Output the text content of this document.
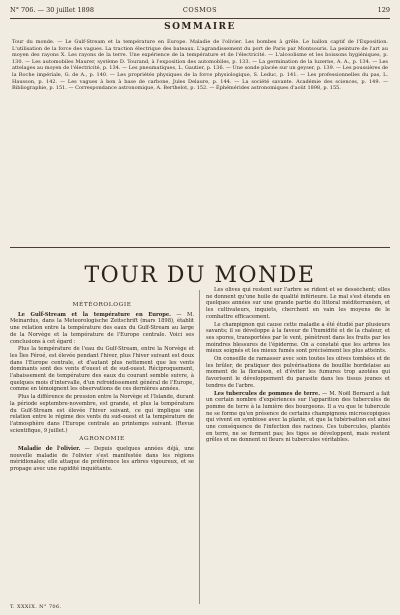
N° 706. — 30 juillet 1898	COSMOS	129
SOMMAIRE
Tour du monde. — Le Gulf-Stream et la température en Europe. Maladie de l'olivier. Les bombes à grêle. Le ballon captif de l'Exposition. L'utilisation de la force des vagues. La traction électrique des bateaux. L'agrandissement du port de Paris par Montsouris. La peinture de l'art au moyen des rayons X. Les rayons de la terre. Une expérience de la température et de l'électricité. — L'alcoolisme et les boissons hygiéniques, p. 130. — Les automobiles Maurer, système D. Tourand, à l'exposition des automobiles, p. 133. — La germination de la luzerne, A. A., p. 134. — Les attelages au moyen de l'électricité, p. 134. — Les pneumatiques, L. Gautier, p. 136. — Une sonde placée sur un geyser, p. 139. — Les poussières de la Roche impériale, G. de A., p. 140. — Les propriétés physiques de la force physiologique, S. Leduc, p. 141. — Les professionnelles du pas, L. Hausson, p. 142. — Les vagues à bon à base de carbone, Jules Delaure, p. 144. — La société savante. Académie des sciences, p. 149. — Bibliographie, p. 151. — Correspondance astronomique, A. Berthelot, p. 152. — Éphémérides astronomiques d'août 1898, p. 155.
TOUR DU MONDE
MÉTÉOROLOGIE

Le Gulf-Stream et la température en Europe. — M. Meinardus, dans la Meteorologische Zeitschrift (mars 1898), établit une relation entre la température des eaux du Gulf-Stream au large de la Norvège et la température de l'Europe centrale. Voici ses conclusions à cet égard :

Plus la température de l'eau du Gulf-Stream, entre la Norvège et les Îles Féroé, est élevée pendant l'hiver, plus l'hiver suivant est doux dans l'Europe centrale, et d'autant plus nettement que les vents dominants sont des vents d'ouest et de sud-ouest. Réciproquement, l'abaissement de température des eaux du courant semble suivre, à quelques mois d'intervalle, d'un refroidissement général de l'Europe, comme en témoignent les observations de ces dernières années.

Plus la différence de pression entre la Norvège et l'Islande, durant la période septembre-novembre, est grande, et plus la température du Gulf-Stream est élevée l'hiver suivant, ce qui implique une relation entre le régime des vents du sud-ouest et la température de l'atmosphère dans l'Europe centrale au printemps suivant. (Revue scientifique, 9 juillet.)

AGRONOMIE

Maladie de l'olivier. — Depuis quelques années déjà, une nouvelle maladie de l'olivier s'est manifestée dans les régions méridionales; elle attaque de préférence les arbres vigoureux, et se propage avec une rapidité inquiétante.

Les olives qui restent sur l'arbre se rident et se dessèchent; elles ne donnent qu'une huile de qualité inférieure. Le mal s'est étendu en quelques années sur une grande partie du littoral méditerranéen, et les cultivateurs, inquiets, cherchent en vain les moyens de le combattre efficacement.

Le champignon qui cause cette maladie a été étudié par plusieurs savants; il se développe à la faveur de l'humidité et de la chaleur, et ses spores, transportées par le vent, pénètrent dans les fruits par les moindres blessures de l'épiderme. On a constaté que les arbres les mieux soignés et les mieux fumés sont précisément les plus atteints.

On conseille de ramasser avec soin toutes les olives tombées et de les brûler, de pratiquer des pulvérisations de bouillie bordelaise au moment de la floraison, et d'éviter les fumures trop azotées qui favorisent le développement du parasite dans les tissus jeunes et tendres de l'arbre.

Les tubercules de pommes de terre. — M. Noël Bernard a fait un certain nombre d'expériences sur l'apparition des tubercules de pomme de terre à la lumière des bourgeons. Il a vu que le tubercule ne se forme qu'en présence de certains champignons microscopiques qui vivent en symbiose avec la plante, et que la tubérisation est ainsi une conséquence de l'infection des racines. Ces tubercules, plantés en terre, ne se forment pas; les tiges se développent, mais restent grêles et ne donnent ni fleurs ni tubercules véritables.

T. XXXIX. N° 706.
